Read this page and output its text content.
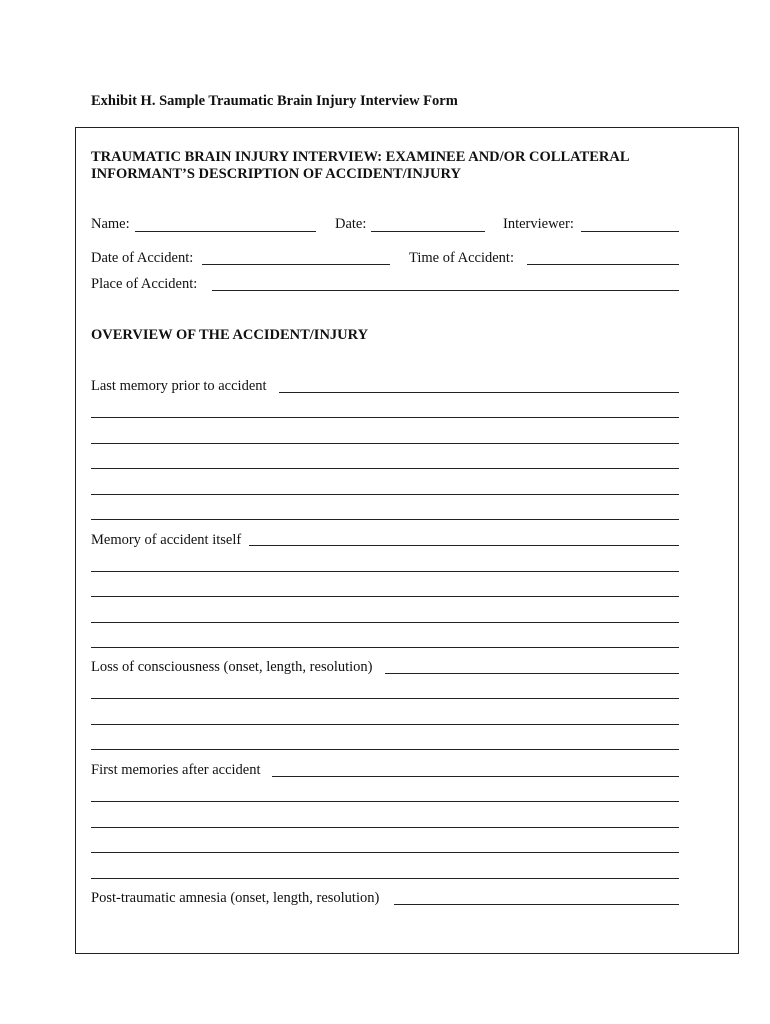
Exhibit H. Sample Traumatic Brain Injury Interview Form
TRAUMATIC BRAIN INJURY INTERVIEW: EXAMINEE AND/OR COLLATERAL
INFORMANT’S DESCRIPTION OF ACCIDENT/INJURY
Name:	Date:	Interviewer:
Date of Accident:	Time of Accident:
Place of Accident:
OVERVIEW OF THE ACCIDENT/INJURY
Last memory prior to accident
Memory of accident itself
Loss of consciousness (onset, length, resolution)
First memories after accident
Post-traumatic amnesia (onset, length, resolution)
